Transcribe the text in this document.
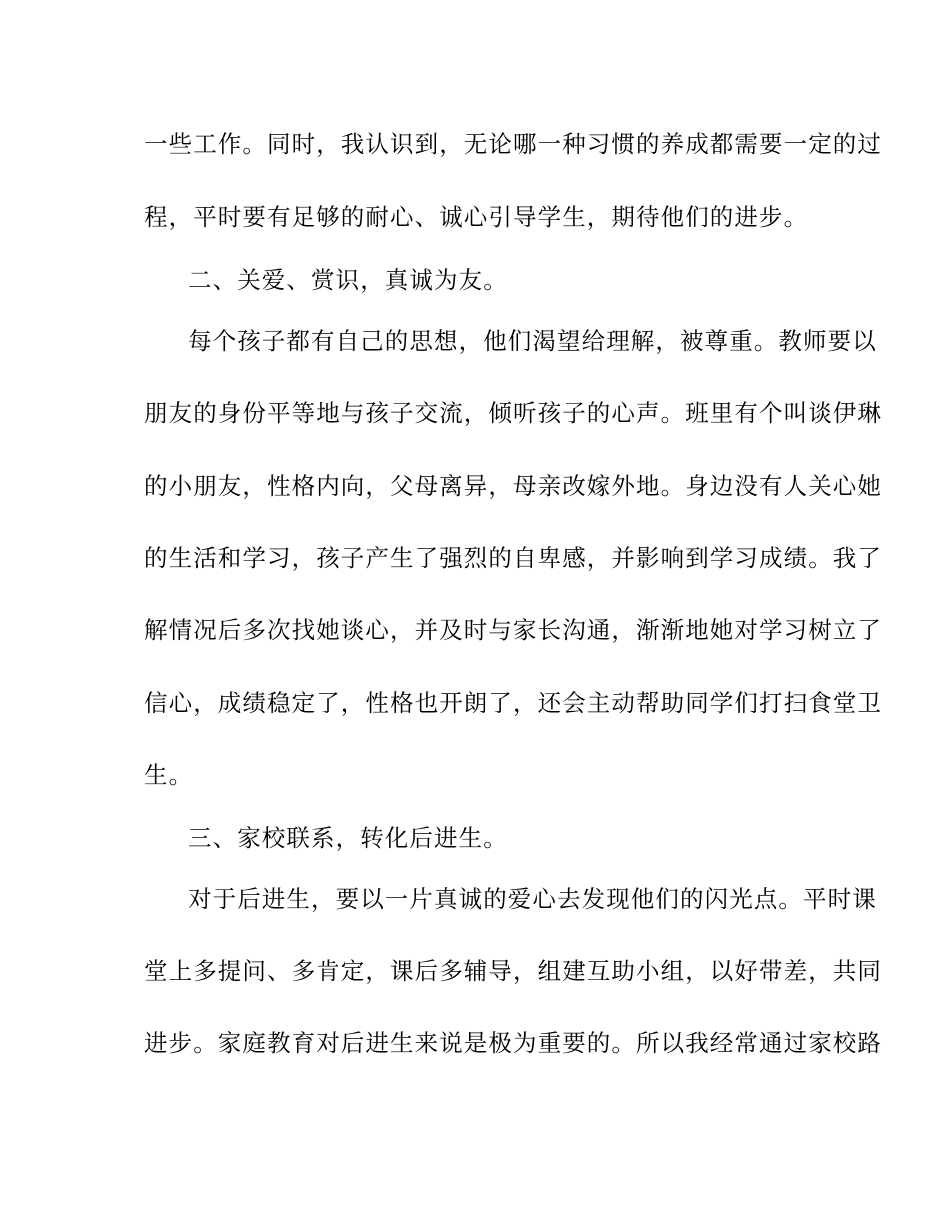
一些工作。同时，我认识到，无论哪一种习惯的养成都需要一定的过
程，平时要有足够的耐心、诚心引导学生，期待他们的进步。
二、关爱、赏识，真诚为友。
每个孩子都有自己的思想，他们渴望给理解，被尊重。教师要以
朋友的身份平等地与孩子交流，倾听孩子的心声。班里有个叫谈伊琳
的小朋友，性格内向，父母离异，母亲改嫁外地。身边没有人关心她
的生活和学习，孩子产生了强烈的自卑感，并影响到学习成绩。我了
解情况后多次找她谈心，并及时与家长沟通，渐渐地她对学习树立了
信心，成绩稳定了，性格也开朗了，还会主动帮助同学们打扫食堂卫
生。
三、家校联系，转化后进生。
对于后进生，要以一片真诚的爱心去发现他们的闪光点。平时课
堂上多提问、多肯定，课后多辅导，组建互助小组，以好带差，共同
进步。家庭教育对后进生来说是极为重要的。所以我经常通过家校路
